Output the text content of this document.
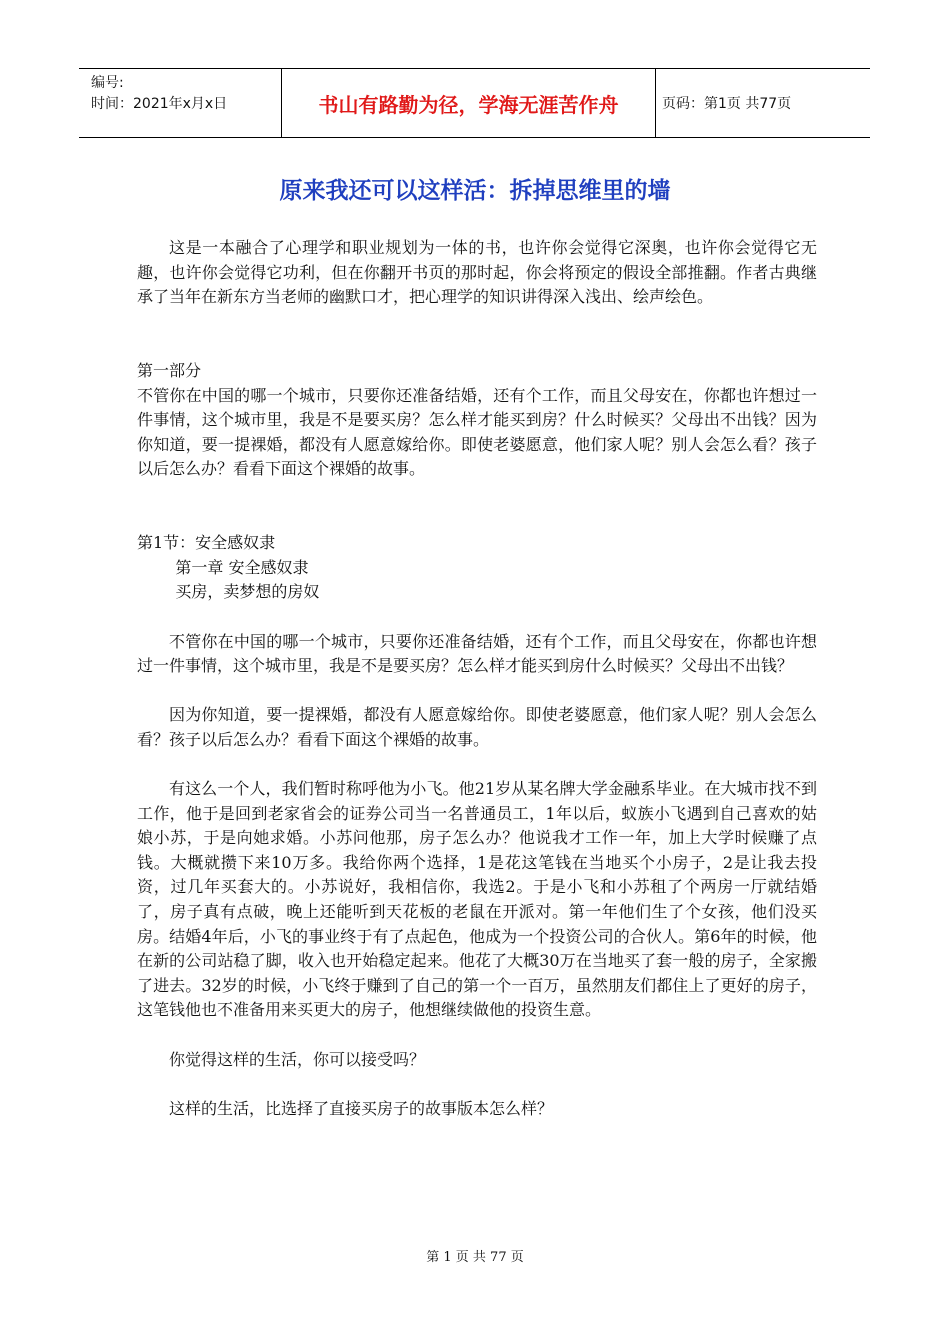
编号:
时间：2021年x月x日	书山有路勤为径，学海无涯苦作舟	页码：第1页 共77页
原来我还可以这样活：拆掉思维里的墙

这是一本融合了心理学和职业规划为一体的书，也许你会觉得它深奥，也许你会觉得它无趣，也许你会觉得它功利，但在你翻开书页的那时起，你会将预定的假设全部推翻。作者古典继承了当年在新东方当老师的幽默口才，把心理学的知识讲得深入浅出、绘声绘色。

第一部分

不管你在中国的哪一个城市，只要你还准备结婚，还有个工作，而且父母安在，你都也许想过一件事情，这个城市里，我是不是要买房？怎么样才能买到房？什么时候买？父母出不出钱？因为你知道，要一提裸婚，都没有人愿意嫁给你。即使老婆愿意，他们家人呢？别人会怎么看？孩子以后怎么办？看看下面这个裸婚的故事。

第1节：安全感奴隶

第一章 安全感奴隶

买房，卖梦想的房奴

不管你在中国的哪一个城市，只要你还准备结婚，还有个工作，而且父母安在，你都也许想过一件事情，这个城市里，我是不是要买房？怎么样才能买到房什么时候买？父母出不出钱？

因为你知道，要一提裸婚，都没有人愿意嫁给你。即使老婆愿意，他们家人呢？别人会怎么看？孩子以后怎么办？看看下面这个裸婚的故事。

有这么一个人，我们暂时称呼他为小飞。他21岁从某名牌大学金融系毕业。在大城市找不到工作，他于是回到老家省会的证券公司当一名普通员工，1年以后，蚁族小飞遇到自己喜欢的姑娘小苏，于是向她求婚。小苏问他那，房子怎么办？他说我才工作一年，加上大学时候赚了点钱。大概就攒下来10万多。我给你两个选择，1是花这笔钱在当地买个小房子，2是让我去投资，过几年买套大的。小苏说好，我相信你，我选2。于是小飞和小苏租了个两房一厅就结婚了，房子真有点破，晚上还能听到天花板的老鼠在开派对。第一年他们生了个女孩，他们没买房。结婚4年后，小飞的事业终于有了点起色，他成为一个投资公司的合伙人。第6年的时候，他在新的公司站稳了脚，收入也开始稳定起来。他花了大概30万在当地买了套一般的房子，全家搬了进去。32岁的时候，小飞终于赚到了自己的第一个一百万，虽然朋友们都住上了更好的房子，这笔钱他也不准备用来买更大的房子，他想继续做他的投资生意。

你觉得这样的生活，你可以接受吗？

这样的生活，比选择了直接买房子的故事版本怎么样？

第 1 页 共 77 页
